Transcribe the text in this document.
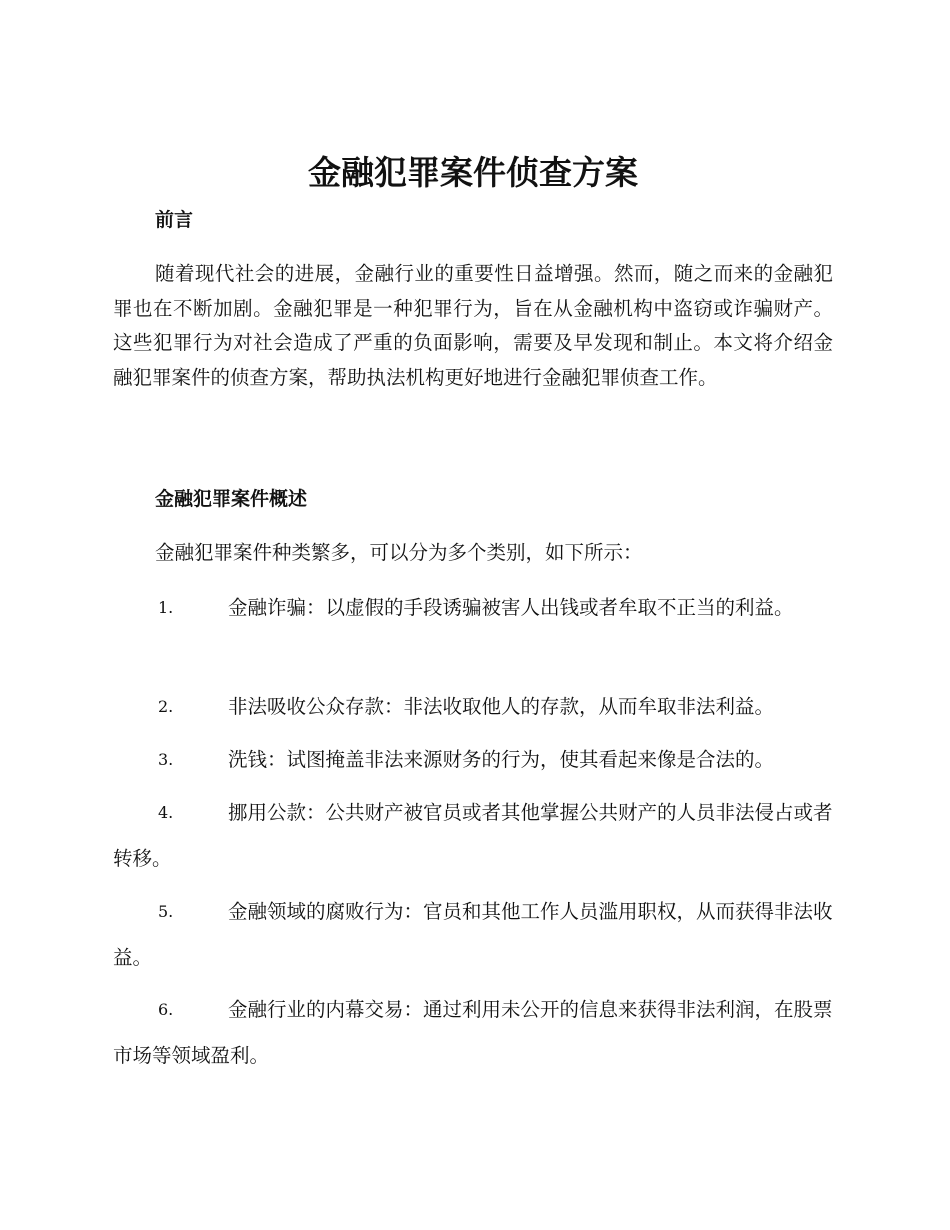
金融犯罪案件侦查方案
前言

随着现代社会的进展，金融行业的重要性日益增强。然而，随之而来的金融犯罪也在不断加剧。金融犯罪是一种犯罪行为，旨在从金融机构中盗窃或诈骗财产。这些犯罪行为对社会造成了严重的负面影响，需要及早发现和制止。本文将介绍金融犯罪案件的侦查方案，帮助执法机构更好地进行金融犯罪侦查工作。

金融犯罪案件概述

金融犯罪案件种类繁多，可以分为多个类别，如下所示：

1.	金融诈骗：以虚假的手段诱骗被害人出钱或者牟取不正当的利益。
2.	非法吸收公众存款：非法收取他人的存款，从而牟取非法利益。
3.	洗钱：试图掩盖非法来源财务的行为，使其看起来像是合法的。
4.	挪用公款：公共财产被官员或者其他掌握公共财产的人员非法侵占或者转移。
5.	金融领域的腐败行为：官员和其他工作人员滥用职权，从而获得非法收益。
6.	金融行业的内幕交易：通过利用未公开的信息来获得非法利润，在股票市场等领域盈利。
